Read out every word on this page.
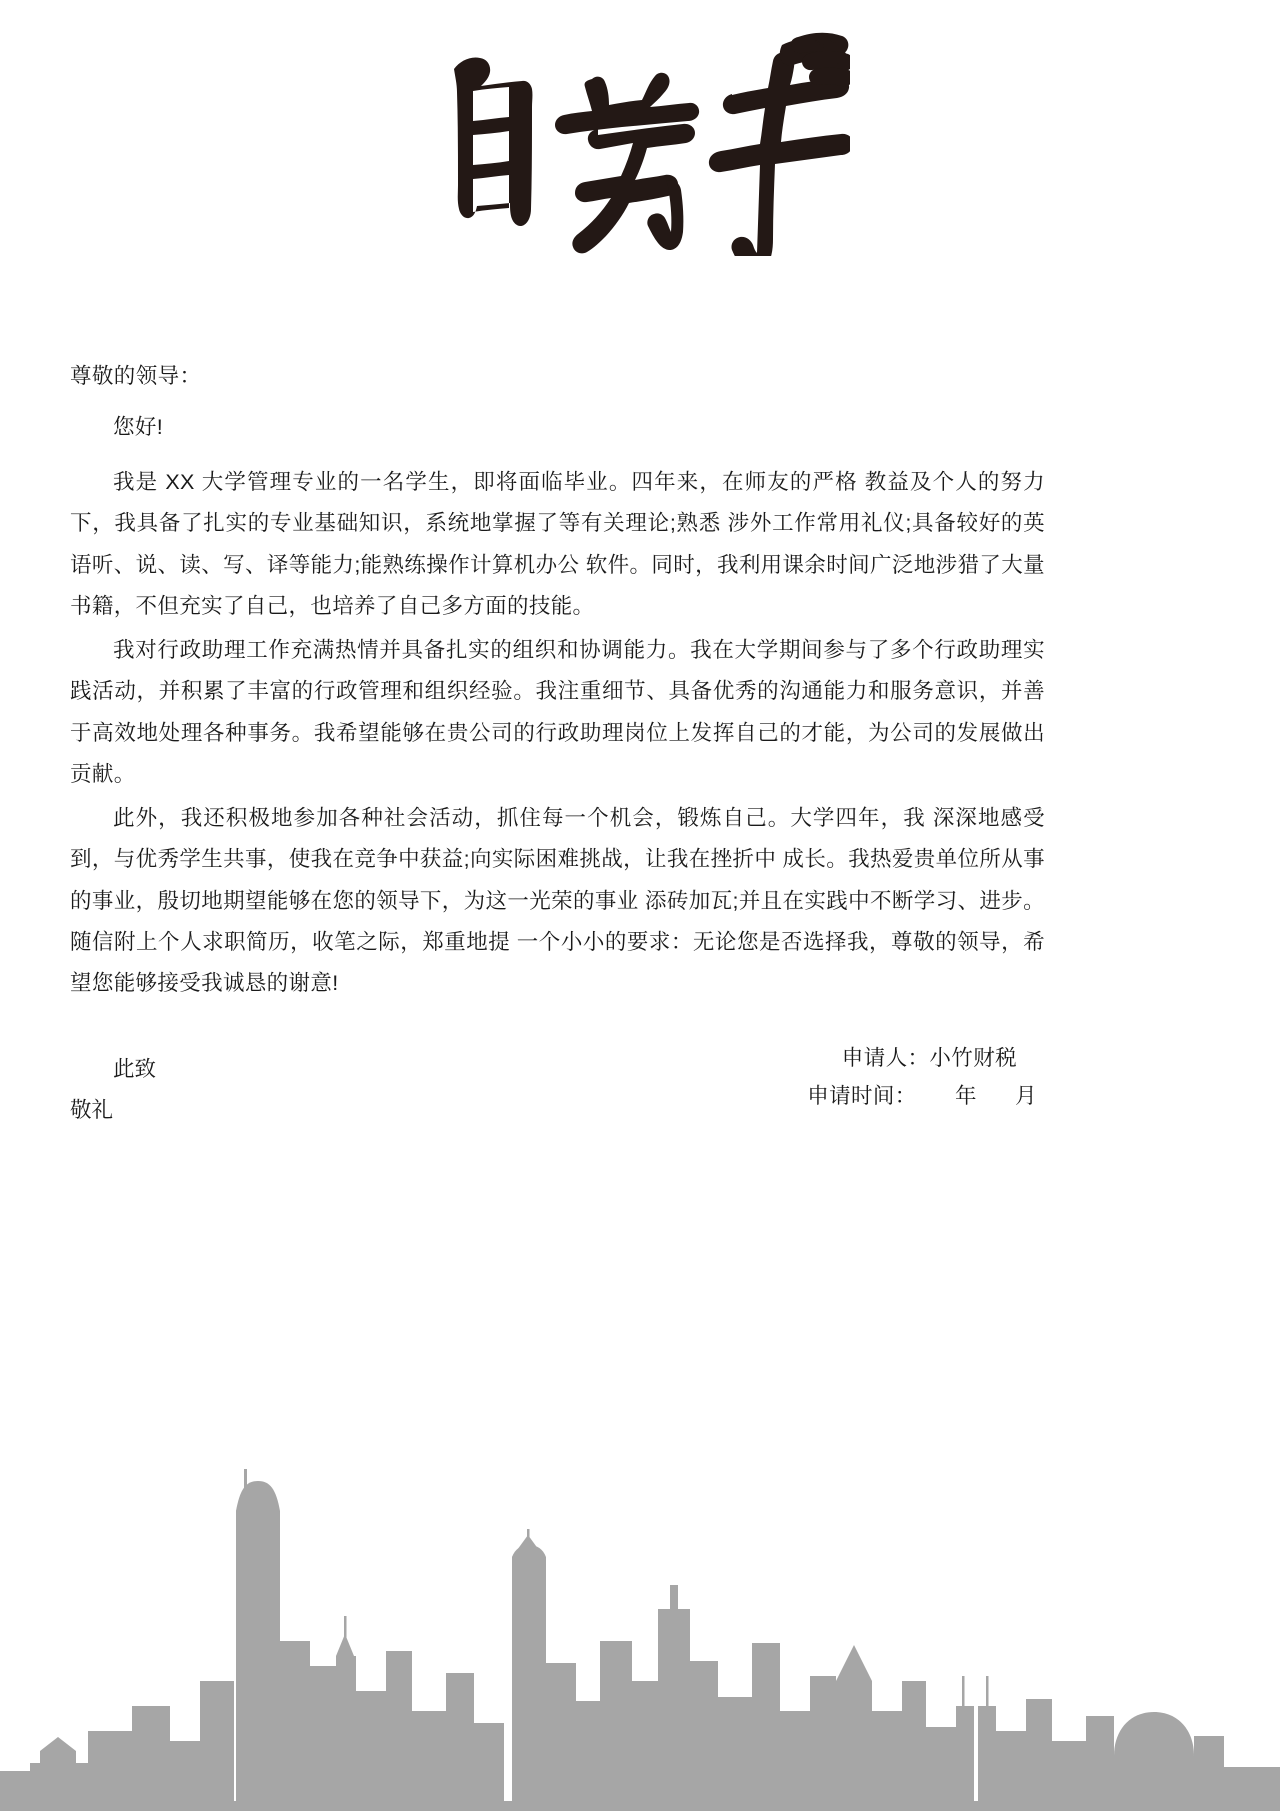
尊敬的领导：

您好!

我是 XX 大学管理专业的一名学生，即将面临毕业。四年来，在师友的严格 教益及个人的努力下，我具备了扎实的专业基础知识，系统地掌握了等有关理论;熟悉 涉外工作常用礼仪;具备较好的英语听、说、读、写、译等能力;能熟练操作计算机办公 软件。同时，我利用课余时间广泛地涉猎了大量书籍，不但充实了自己，也培养了自己多方面的技能。

我对行政助理工作充满热情并具备扎实的组织和协调能力。我在大学期间参与了多个行政助理实践活动，并积累了丰富的行政管理和组织经验。我注重细节、具备优秀的沟通能力和服务意识，并善于高效地处理各种事务。我希望能够在贵公司的行政助理岗位上发挥自己的才能，为公司的发展做出贡献。

此外，我还积极地参加各种社会活动，抓住每一个机会，锻炼自己。大学四年，我 深深地感受到，与优秀学生共事，使我在竞争中获益;向实际困难挑战，让我在挫折中 成长。我热爱贵单位所从事的事业，殷切地期望能够在您的领导下，为这一光荣的事业 添砖加瓦;并且在实践中不断学习、进步。随信附上个人求职简历，收笔之际，郑重地提 一个小小的要求：无论您是否选择我，尊敬的领导，希望您能够接受我诚恳的谢意!

此致

敬礼

申请人：小竹财税
申请时间：      年      月
